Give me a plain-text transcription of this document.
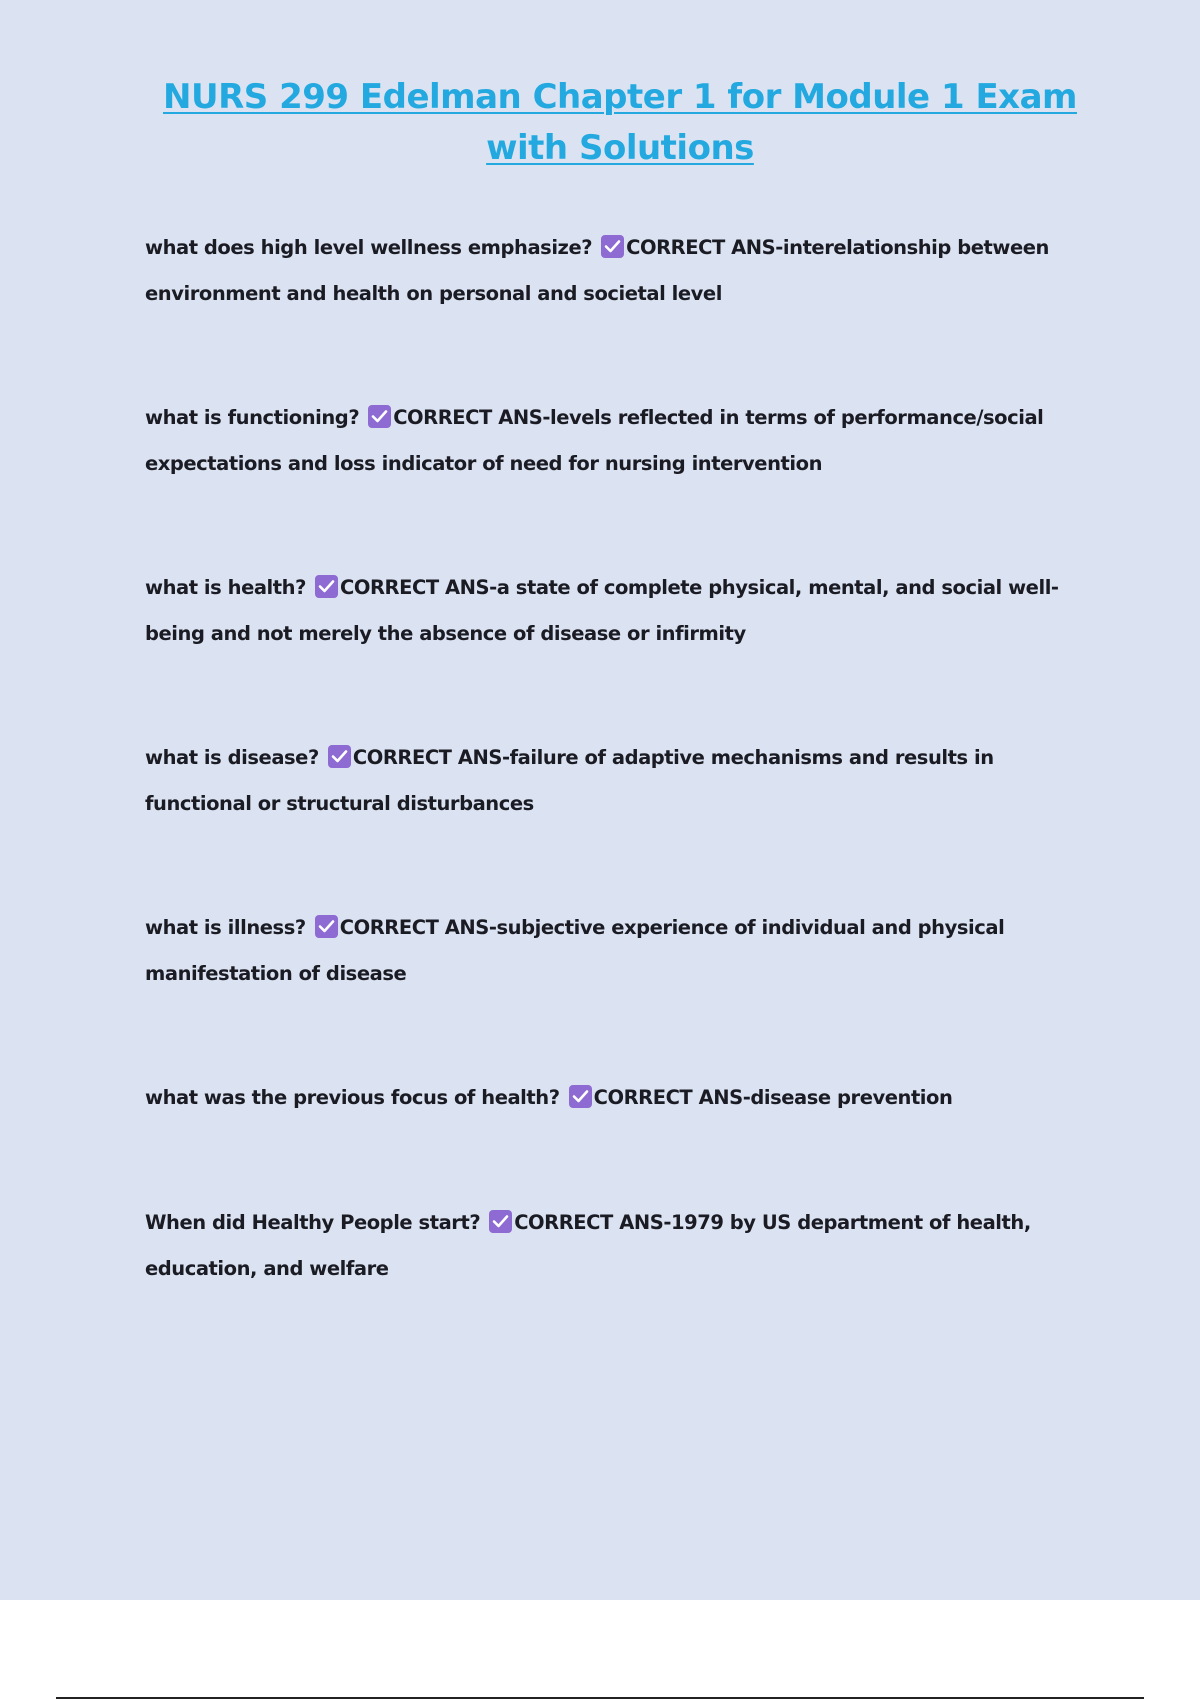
NURS 299 Edelman Chapter 1 for Module 1 Exam with Solutions
what does high level wellness emphasize? CORRECT ANS-interelationship between environment and health on personal and societal level
what is functioning? CORRECT ANS-levels reflected in terms of performance/social expectations and loss indicator of need for nursing intervention
what is health? CORRECT ANS-a state of complete physical, mental, and social well-being and not merely the absence of disease or infirmity
what is disease? CORRECT ANS-failure of adaptive mechanisms and results in functional or structural disturbances
what is illness? CORRECT ANS-subjective experience of individual and physical manifestation of disease
what was the previous focus of health? CORRECT ANS-disease prevention
When did Healthy People start? CORRECT ANS-1979 by US department of health, education, and welfare
